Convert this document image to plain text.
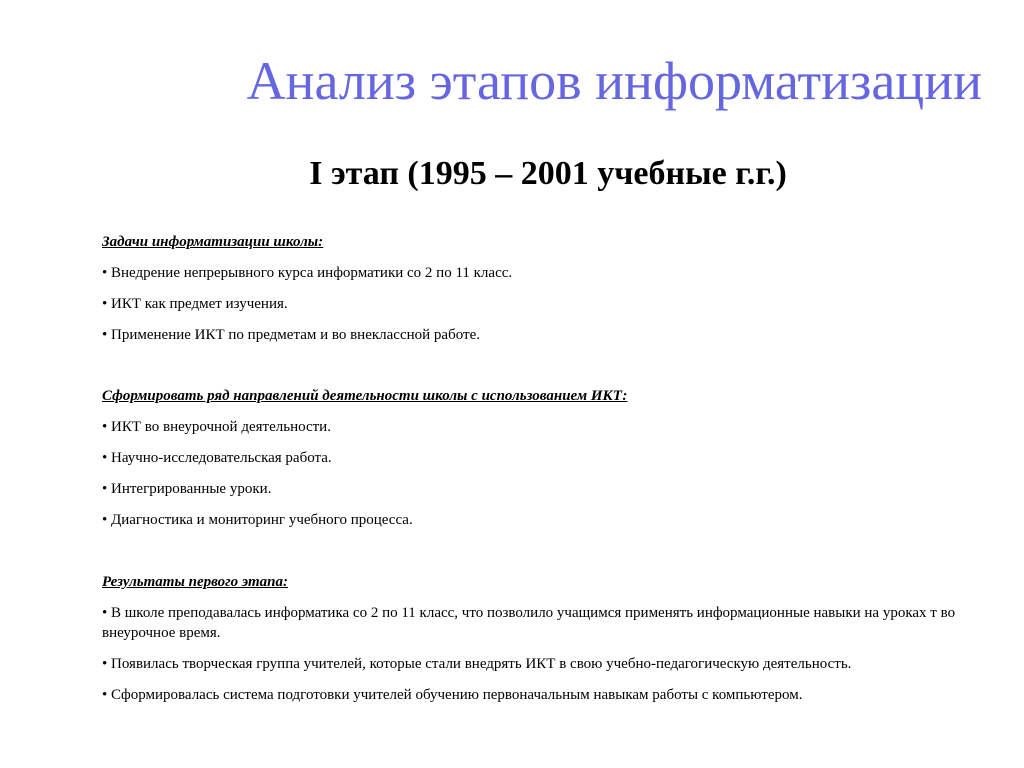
Анализ этапов информатизации
I этап (1995 – 2001 учебные г.г.)

Задачи информатизации школы:

• Внедрение непрерывного курса информатики со 2 по 11 класс.

• ИКТ как предмет изучения.

• Применение ИКТ по предметам и во внеклассной работе.

Сформировать ряд направлений деятельности школы с использованием ИКТ:

• ИКТ во внеурочной деятельности.

• Научно-исследовательская работа.

• Интегрированные уроки.

• Диагностика и мониторинг учебного процесса.

Результаты первого этапа:

• В школе преподавалась информатика со 2 по 11 класс, что позволило учащимся применять информационные навыки на уроках т во внеурочное время.

• Появилась творческая группа учителей, которые стали внедрять ИКТ в свою учебно-педагогическую деятельность.

• Сформировалась система подготовки учителей обучению первоначальным навыкам работы с компьютером.
